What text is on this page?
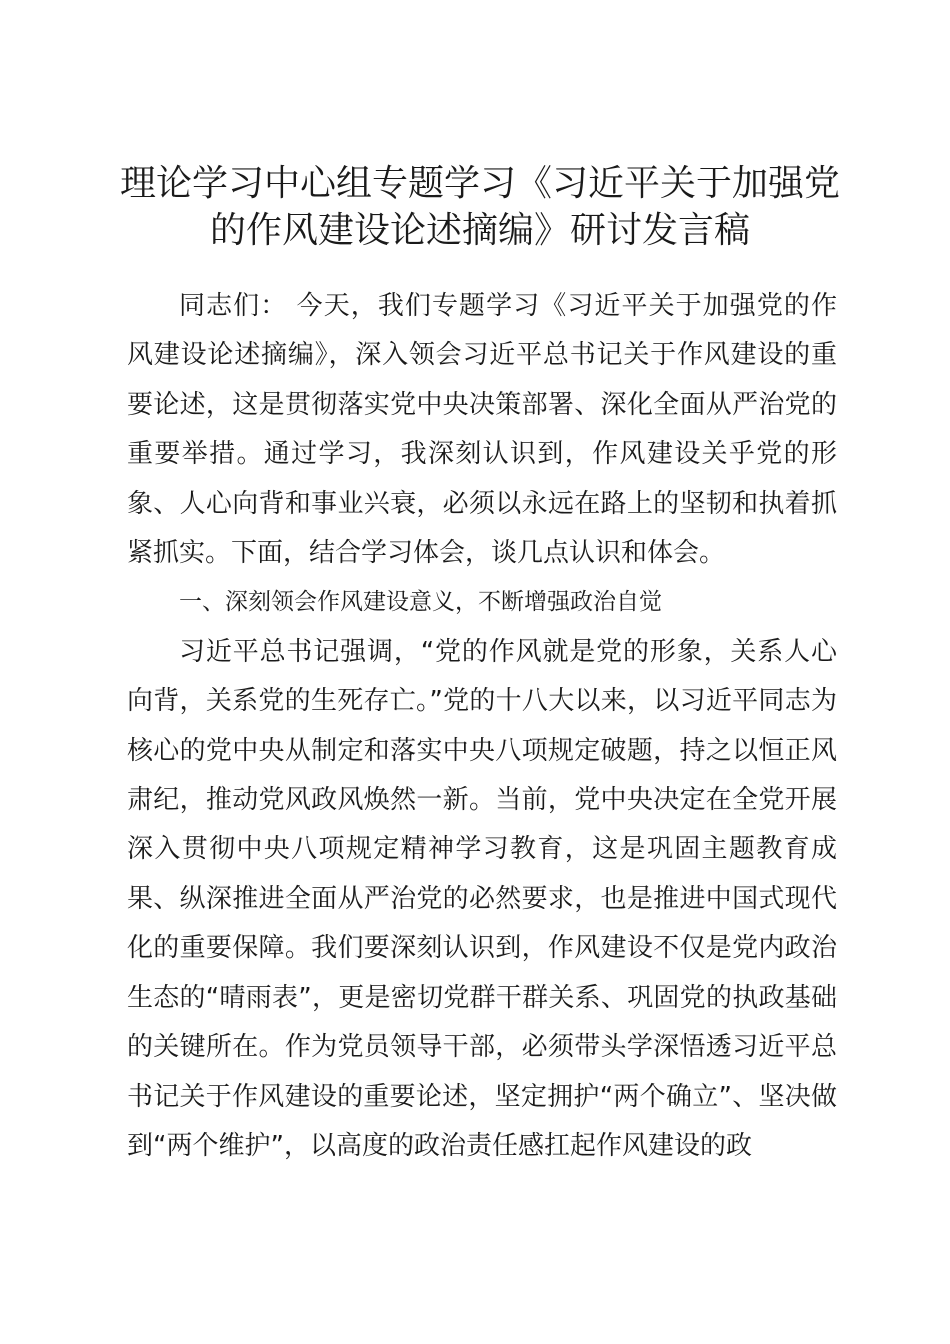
理论学习中心组专题学习《习近平关于加强党
的作风建设论述摘编》研讨发言稿

同志们： 今天，我们专题学习《习近平关于加强党的作风建设论述摘编》，深入领会习近平总书记关于作风建设的重要论述，这是贯彻落实党中央决策部署、深化全面从严治党的重要举措。通过学习，我深刻认识到，作风建设关乎党的形象、人心向背和事业兴衰，必须以永远在路上的坚韧和执着抓紧抓实。下面，结合学习体会，谈几点认识和体会。

一、深刻领会作风建设意义，不断增强政治自觉

习近平总书记强调，“党的作风就是党的形象，关系人心向背，关系党的生死存亡。”党的十八大以来，以习近平同志为核心的党中央从制定和落实中央八项规定破题，持之以恒正风肃纪，推动党风政风焕然一新。当前，党中央决定在全党开展深入贯彻中央八项规定精神学习教育，这是巩固主题教育成果、纵深推进全面从严治党的必然要求，也是推进中国式现代化的重要保障。我们要深刻认识到，作风建设不仅是党内政治生态的“晴雨表”，更是密切党群干群关系、巩固党的执政基础的关键所在。作为党员领导干部，必须带头学深悟透习近平总书记关于作风建设的重要论述，坚定拥护“两个确立”、坚决做到“两个维护”，以高度的政治责任感扛起作风建设的政
